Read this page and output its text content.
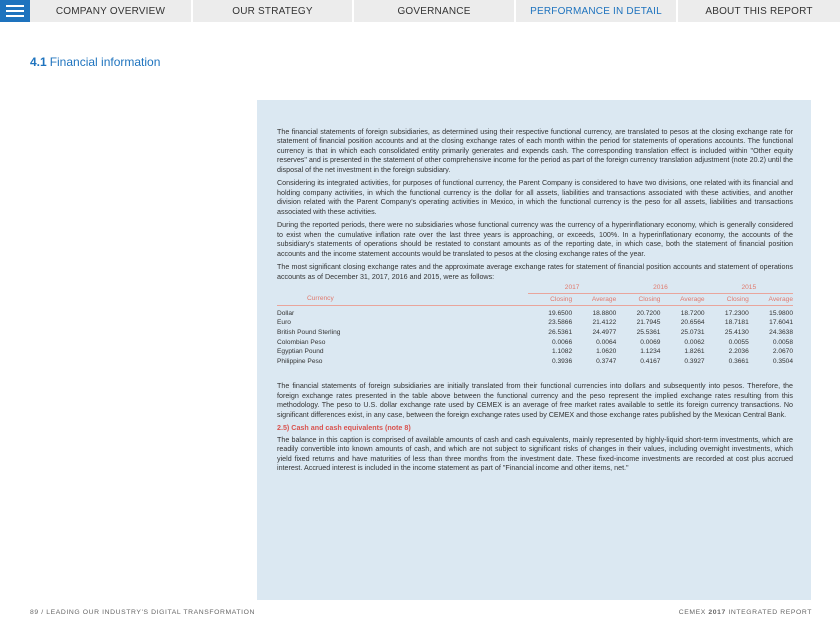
COMPANY OVERVIEW	OUR STRATEGY	GOVERNANCE	PERFORMANCE IN DETAIL	ABOUT THIS REPORT
4.1 Financial information

The financial statements of foreign subsidiaries, as determined using their respective functional currency, are translated to pesos at the closing exchange rate for statement of financial position accounts and at the closing exchange rates of each month within the period for statements of operations accounts. The functional currency is that in which each consolidated entity primarily generates and expends cash. The corresponding translation effect is included within "Other equity reserves" and is presented in the statement of other comprehensive income for the period as part of the foreign currency translation adjustment (note 20.2) until the disposal of the net investment in the foreign subsidiary.

Considering its integrated activities, for purposes of functional currency, the Parent Company is considered to have two divisions, one related with its financial and holding company activities, in which the functional currency is the dollar for all assets, liabilities and transactions associated with these activities, and another division related with the Parent Company's operating activities in Mexico, in which the functional currency is the peso for all assets, liabilities and transactions associated with these activities.

During the reported periods, there were no subsidiaries whose functional currency was the currency of a hyperinflationary economy, which is generally considered to exist when the cumulative inflation rate over the last three years is approaching, or exceeds, 100%. In a hyperinflationary economy, the accounts of the subsidiary's statements of operations should be restated to constant amounts as of the reporting date, in which case, both the statement of financial position accounts and the income statement accounts would be translated to pesos at the closing exchange rates of the year.

The most significant closing exchange rates and the approximate average exchange rates for statement of financial position accounts and statement of operations accounts as of December 31, 2017, 2016 and 2015, were as follows:

	2017		2016		2015	
Currency	Closing	Average	Closing	Average	Closing	Average
Dollar	19.6500	18.8800	20.7200	18.7200	17.2300	15.9800
Euro	23.5866	21.4122	21.7945	20.6564	18.7181	17.6041
British Pound Sterling	26.5361	24.4977	25.5361	25.0731	25.4130	24.3638
Colombian Peso	0.0066	0.0064	0.0069	0.0062	0.0055	0.0058
Egyptian Pound	1.1082	1.0620	1.1234	1.8261	2.2036	2.0670
Philippine Peso	0.3936	0.3747	0.4167	0.3927	0.3661	0.3504

The financial statements of foreign subsidiaries are initially translated from their functional currencies into dollars and subsequently into pesos. Therefore, the foreign exchange rates presented in the table above between the functional currency and the peso represent the implied exchange rates resulting from this methodology. The peso to U.S. dollar exchange rate used by CEMEX is an average of free market rates available to settle its foreign currency transactions. No significant differences exist, in any case, between the foreign exchange rates used by CEMEX and those exchange rates published by the Mexican Central Bank.

2.5) Cash and cash equivalents (note 8)

The balance in this caption is comprised of available amounts of cash and cash equivalents, mainly represented by highly-liquid short-term investments, which are readily convertible into known amounts of cash, and which are not subject to significant risks of changes in their values, including overnight investments, which yield fixed returns and have maturities of less than three months from the investment date. These fixed-income investments are recorded at cost plus accrued interest. Accrued interest is included in the income statement as part of "Financial income and other items, net."

89 / LEADING OUR INDUSTRY'S DIGITAL TRANSFORMATION	CEMEX 2017 INTEGRATED REPORT
